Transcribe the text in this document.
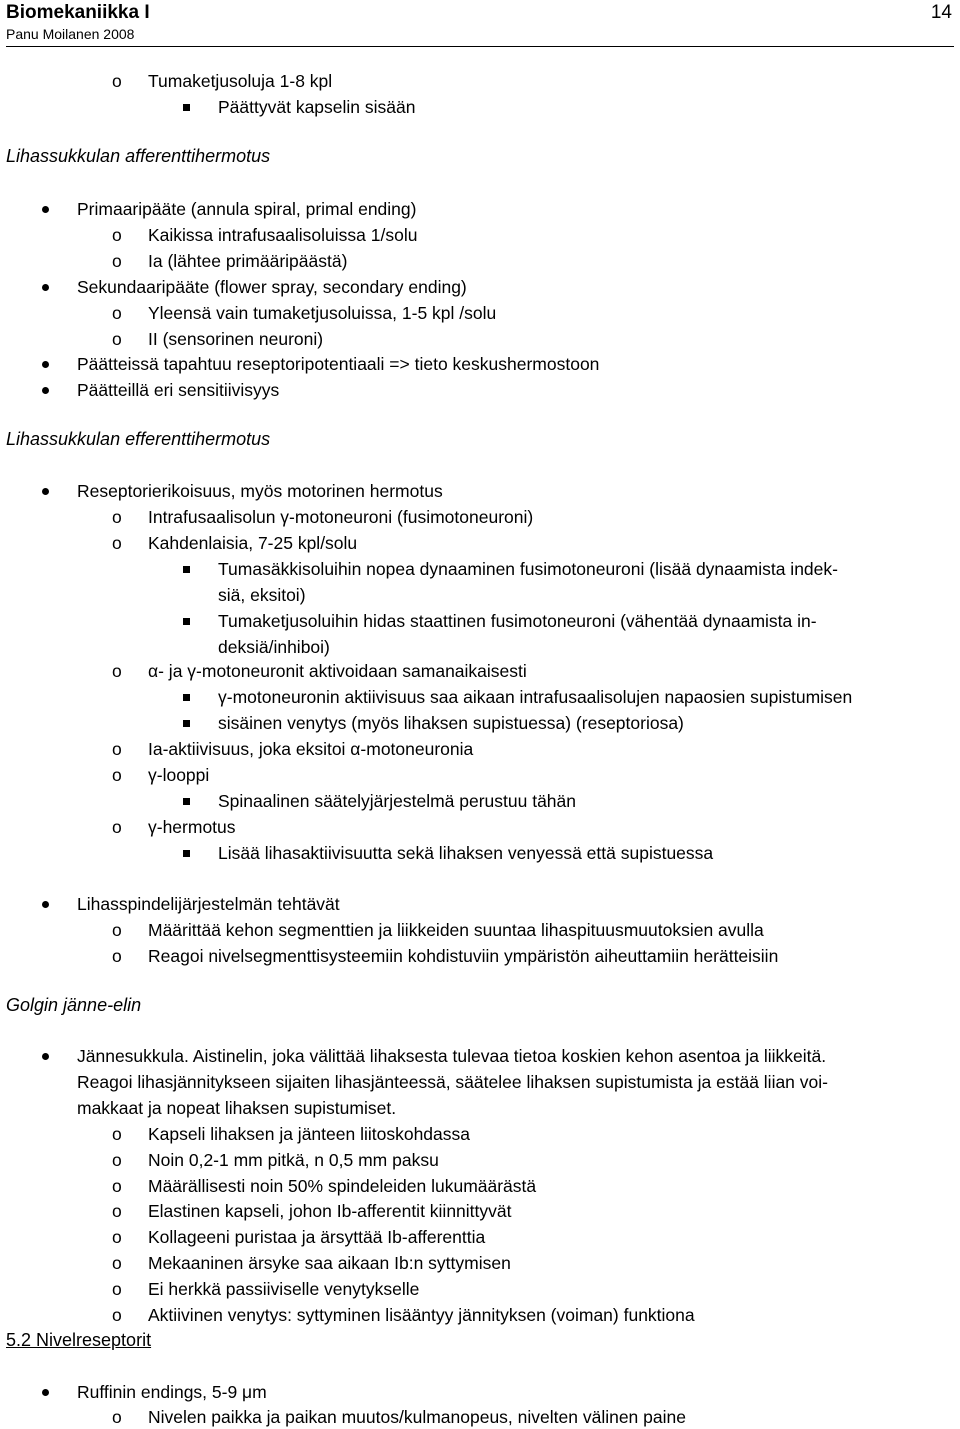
Biomekaniikka I
Panu Moilanen 2008
14
o Tumaketjusoluja 1-8 kpl
Päättyvät kapselin sisään
Lihassukkulan afferenttihermotus
Primaaripääte (annula spiral, primal ending)
o Kaikissa intrafusaalisoluissa 1/solu
o Ia (lähtee primääripäästä)
Sekundaaripääte (flower spray, secondary ending)
o Yleensä vain tumaketjusoluissa, 1-5 kpl /solu
o II (sensorinen neuroni)
Päätteissä tapahtuu reseptoripotentiaali => tieto keskushermostoon
Päätteillä eri sensitiivisyys
Lihassukkulan efferenttihermotus
Reseptorierikoisuus, myös motorinen hermotus
o Intrafusaalisolun γ-motoneuroni (fusimotoneuroni)
o Kahdenlaisia, 7-25 kpl/solu
Tumasäkkisoluihin nopea dynaaminen fusimotoneuroni (lisää dynaamista indek-
siä, eksitoi)
Tumaketjusoluihin hidas staattinen fusimotoneuroni (vähentää dynaamista in-
deksiä/inhiboi)
o α- ja γ-motoneuronit aktivoidaan samanaikaisesti
γ-motoneuronin aktiivisuus saa aikaan intrafusaalisolujen napaosien supistumisen
sisäinen venytys (myös lihaksen supistuessa) (reseptoriosa)
o Ia-aktiivisuus, joka eksitoi α-motoneuronia
o γ-looppi
Spinaalinen säätelyjärjestelmä perustuu tähän
o γ-hermotus
Lisää lihasaktiivisuutta sekä lihaksen venyessä että supistuessa
Lihasspindelijärjestelmän tehtävät
o Määrittää kehon segmenttien ja liikkeiden suuntaa lihaspituusmuutoksien avulla
o Reagoi nivelsegmenttisysteemiin kohdistuviin ympäristön aiheuttamiin herätteisiin
Golgin jänne-elin
Jännesukkula. Aistinelin, joka välittää lihaksesta tulevaa tietoa koskien kehon asentoa ja liikkeitä.
Reagoi lihasjännitykseen sijaiten lihasjänteessä, säätelee lihaksen supistumista ja estää liian voi-
makkaat ja nopeat lihaksen supistumiset.
o Kapseli lihaksen ja jänteen liitoskohdassa
o Noin 0,2-1 mm pitkä, n 0,5 mm paksu
o Määrällisesti noin 50% spindeleiden lukumäärästä
o Elastinen kapseli, johon Ib-afferentit kiinnittyvät
o Kollageeni puristaa ja ärsyttää Ib-afferenttia
o Mekaaninen ärsyke saa aikaan Ib:n syttymisen
o Ei herkkä passiiviselle venytykselle
o Aktiivinen venytys: syttyminen lisääntyy jännityksen (voiman) funktiona
5.2 Nivelreseptorit
Ruffinin endings, 5-9 μm
o Nivelen paikka ja paikan muutos/kulmanopeus, nivelten välinen paine
